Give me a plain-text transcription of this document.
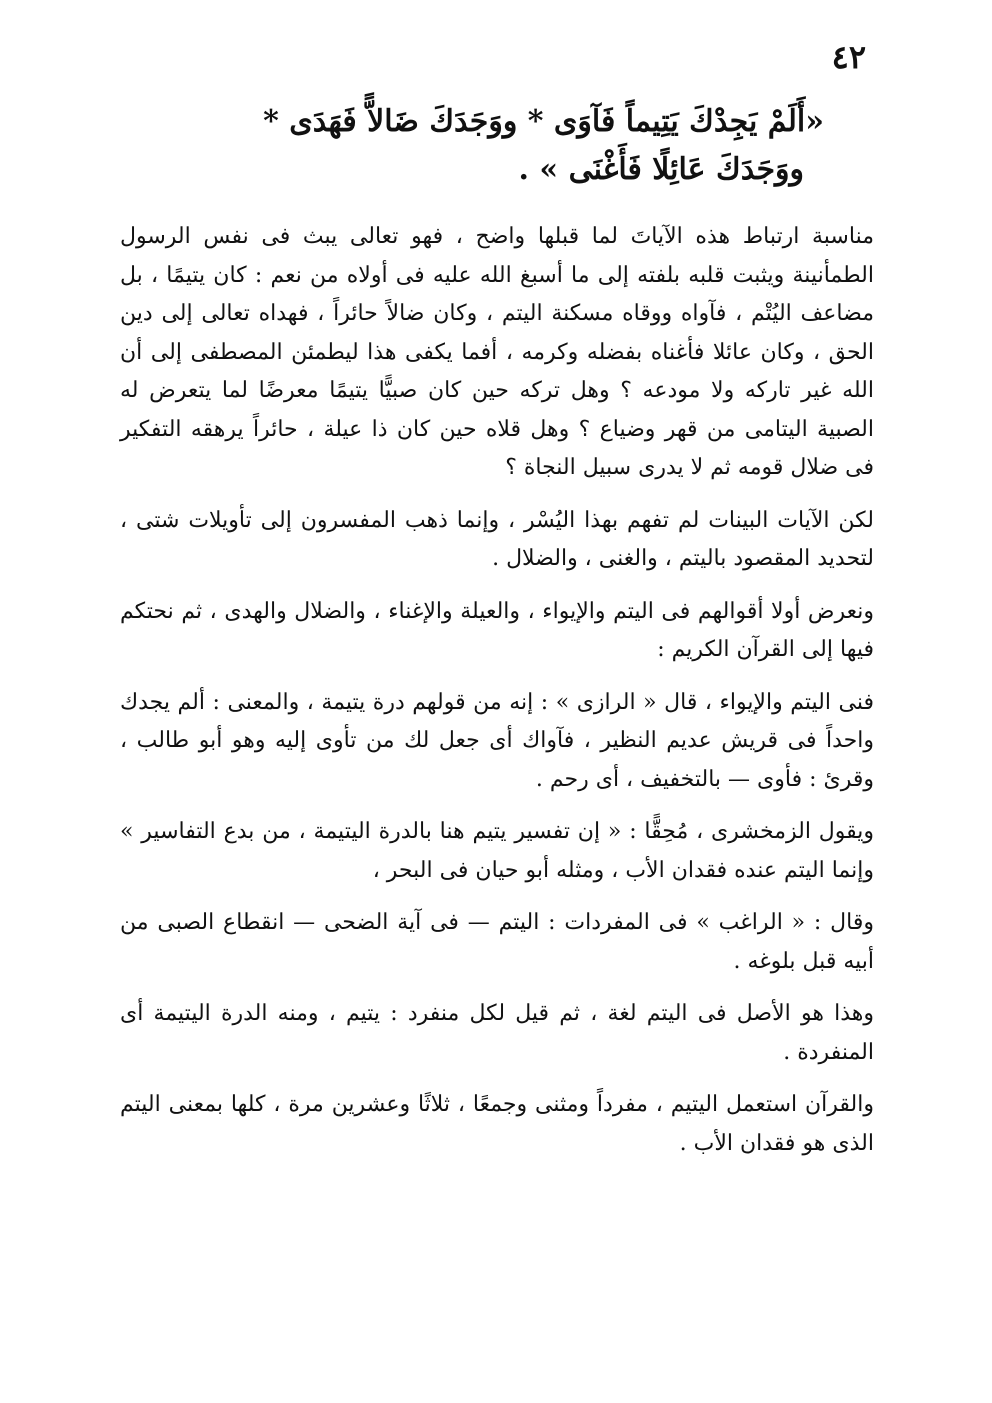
٤٢
«أَلَمْ يَجِدْكَ يَتِيماً فَآوَى * ووَجَدَكَ ضَالاًّ فَهَدَى *
ووَجَدَكَ عَائِلًا فَأَغْنَى » .

مناسبة ارتباط هذه الآياتَ لما قبلها واضح ، فهو تعالى يبث فى نفس الرسول الطمأنينة ويثبت قلبه بلفته إلى ما أسبغ الله عليه فى أولاه من نعم : كان يتيمًا ، بل مضاعف اليُتْم ، فآواه ووقاه مسكنة اليتم ، وكان ضالاً حائراً ، فهداه تعالى إلى دين الحق ، وكان عائلا فأغناه بفضله وكرمه ، أفما يكفى هذا ليطمئن المصطفى إلى أن الله غير تاركه ولا مودعه ؟ وهل تركه حين كان صبيًّا يتيمًا معرضًا لما يتعرض له الصبية اليتامى من قهر وضياع ؟ وهل قلاه حين كان ذا عيلة ، حائراً يرهقه التفكير فى ضلال قومه ثم لا يدرى سبيل النجاة ؟

لكن الآيات البينات لم تفهم بهذا اليُسْر ، وإنما ذهب المفسرون إلى تأويلات شتى ، لتحديد المقصود باليتم ، والغنى ، والضلال .

ونعرض أولا أقوالهم فى اليتم والإيواء ، والعيلة والإغناء ، والضلال والهدى ، ثم نحتكم فيها إلى القرآن الكريم :

فنى اليتم والإيواء ، قال « الرازى » : إنه من قولهم درة يتيمة ، والمعنى : ألم يجدك واحداً فى قريش عديم النظير ، فآواك أى جعل لك من تأوى إليه وهو أبو طالب ، وقرئ : فأوى — بالتخفيف ، أى رحم .

ويقول الزمخشرى ، مُحِقًّا : « إن تفسير يتيم هنا بالدرة اليتيمة ، من بدع التفاسير » وإنما اليتم عنده فقدان الأب ، ومثله أبو حيان فى البحر ،

وقال : « الراغب » فى المفردات : اليتم — فى آية الضحى — انقطاع الصبى من أبيه قبل بلوغه .

وهذا هو الأصل فى اليتم لغة ، ثم قيل لكل منفرد : يتيم ، ومنه الدرة اليتيمة أى المنفردة .

والقرآن استعمل اليتيم ، مفرداً ومثنى وجمعًا ، ثلاثًا وعشرين مرة ، كلها بمعنى اليتم الذى هو فقدان الأب .
